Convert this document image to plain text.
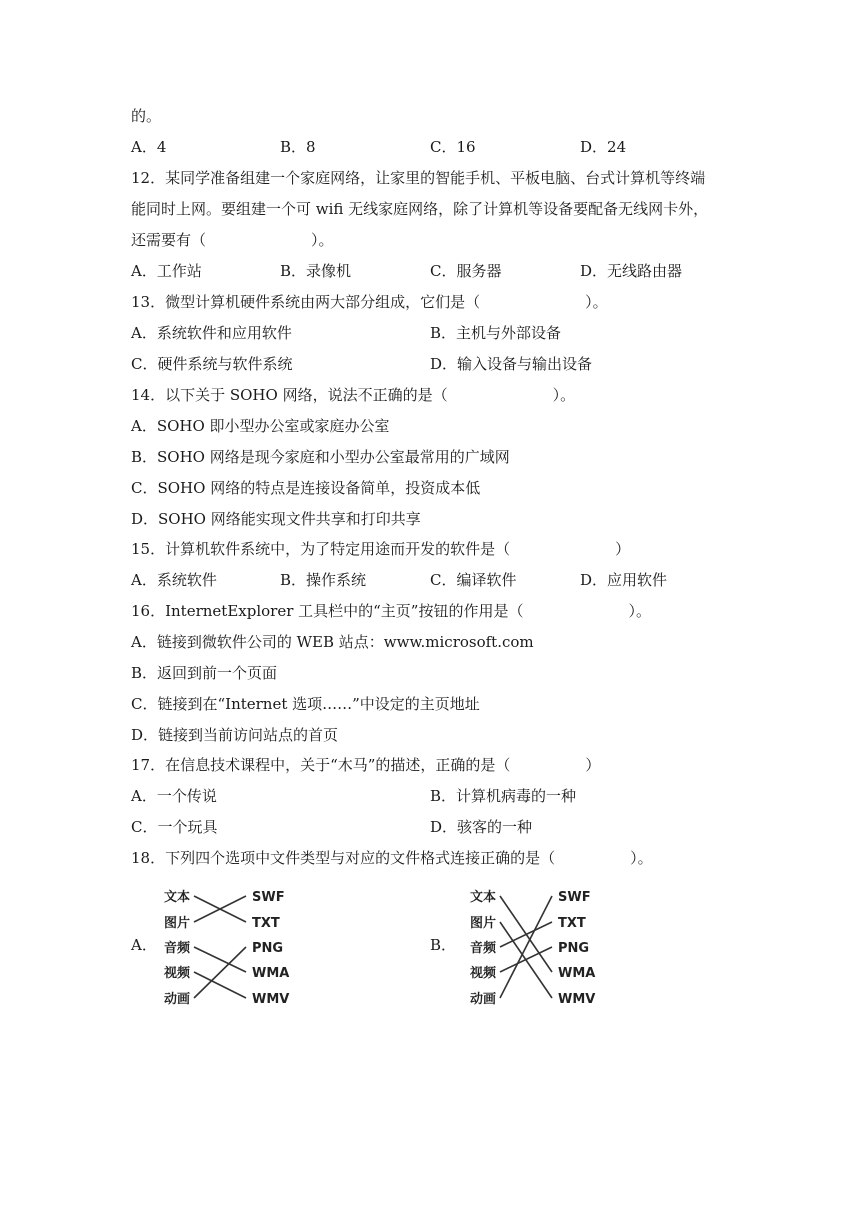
的。
A．4	B．8	C．16	D．24
12．某同学准备组建一个家庭网络，让家里的智能手机、平板电脑、台式计算机等终端
能同时上网。要组建一个可 wifi 无线家庭网络，除了计算机等设备要配备无线网卡外，
还需要有（　　　　　　　）。
A．工作站	B．录像机	C．服务器	D．无线路由器
13．微型计算机硬件系统由两大部分组成，它们是（　　　　　　　）。
A．系统软件和应用软件	B．主机与外部设备
C．硬件系统与软件系统	D．输入设备与输出设备
14．以下关于 SOHO 网络，说法不正确的是（　　　　　　　）。
A．SOHO 即小型办公室或家庭办公室
B．SOHO 网络是现今家庭和小型办公室最常用的广域网
C．SOHO 网络的特点是连接设备简单，投资成本低
D．SOHO 网络能实现文件共享和打印共享
15．计算机软件系统中，为了特定用途而开发的软件是（　　　　　　　）
A．系统软件	B．操作系统	C．编译软件	D．应用软件
16．InternetExplorer 工具栏中的“主页”按钮的作用是（　　　　　　　）。
A．链接到微软件公司的 WEB 站点：www.microsoft.com
B．返回到前一个页面
C．链接到在“Internet 选项……”中设定的主页地址
D．链接到当前访问站点的首页
17．在信息技术课程中，关于“木马”的描述，正确的是（　　　　　）
A．一个传说	B．计算机病毒的一种
C．一个玩具	D．骇客的一种
18．下列四个选项中文件类型与对应的文件格式连接正确的是（　　　　　）。
A．
文本
图片
音频
视频
动画
SWF
TXT
PNG
WMA
WMV
B．
文本
图片
音频
视频
动画
SWF
TXT
PNG
WMA
WMV
